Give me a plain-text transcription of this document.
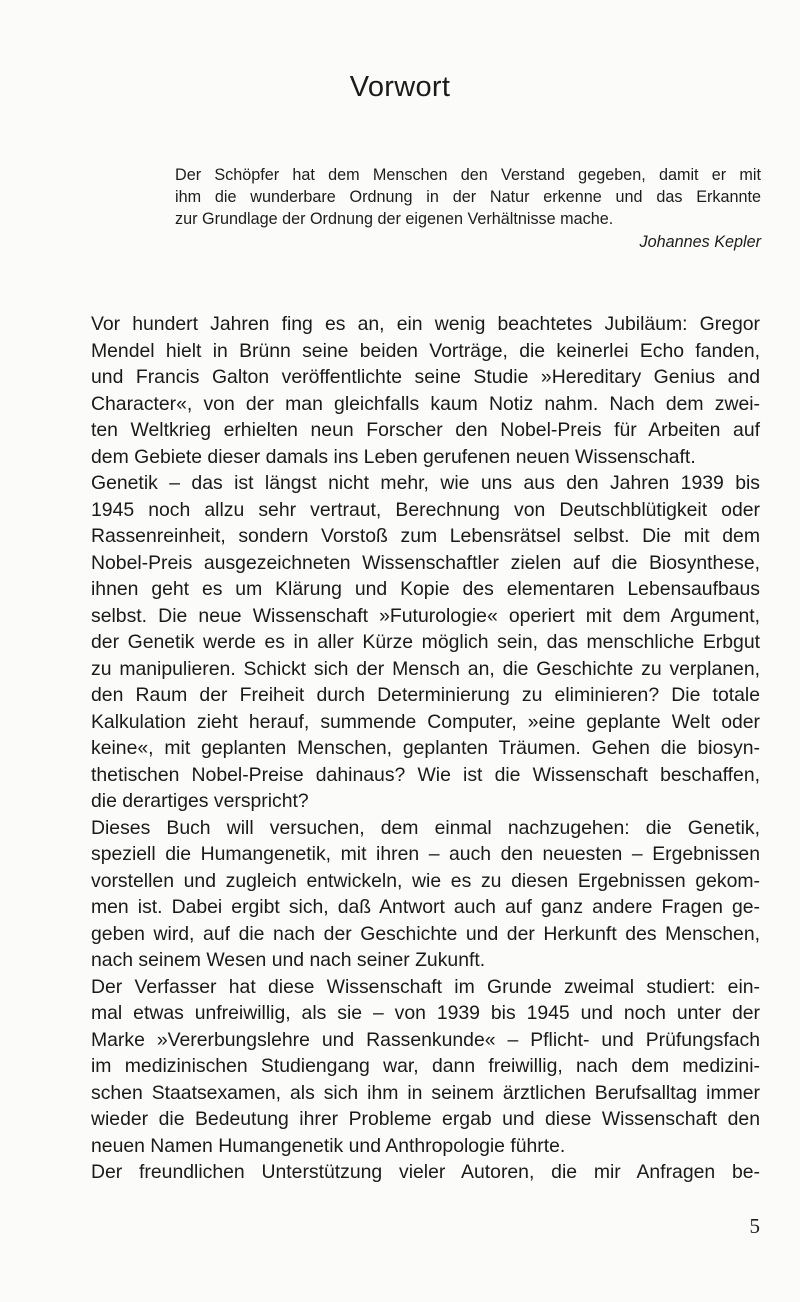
Vorwort
Der Schöpfer hat dem Menschen den Verstand gegeben, damit er mit
ihm die wunderbare Ordnung in der Natur erkenne und das Erkannte
zur Grundlage der Ordnung der eigenen Verhältnisse mache.
Johannes Kepler
Vor hundert Jahren fing es an, ein wenig beachtetes Jubiläum: Gregor
Mendel hielt in Brünn seine beiden Vorträge, die keinerlei Echo fanden,
und Francis Galton veröffentlichte seine Studie »Hereditary Genius and
Character«, von der man gleichfalls kaum Notiz nahm. Nach dem zwei-
ten Weltkrieg erhielten neun Forscher den Nobel-Preis für Arbeiten auf
dem Gebiete dieser damals ins Leben gerufenen neuen Wissenschaft.
Genetik – das ist längst nicht mehr, wie uns aus den Jahren 1939 bis
1945 noch allzu sehr vertraut, Berechnung von Deutschblütigkeit oder
Rassenreinheit, sondern Vorstoß zum Lebensrätsel selbst. Die mit dem
Nobel-Preis ausgezeichneten Wissenschaftler zielen auf die Biosynthese,
ihnen geht es um Klärung und Kopie des elementaren Lebensaufbaus
selbst. Die neue Wissenschaft »Futurologie« operiert mit dem Argument,
der Genetik werde es in aller Kürze möglich sein, das menschliche Erbgut
zu manipulieren. Schickt sich der Mensch an, die Geschichte zu verplanen,
den Raum der Freiheit durch Determinierung zu eliminieren? Die totale
Kalkulation zieht herauf, summende Computer, »eine geplante Welt oder
keine«, mit geplanten Menschen, geplanten Träumen. Gehen die biosyn-
thetischen Nobel-Preise dahinaus? Wie ist die Wissenschaft beschaffen,
die derartiges verspricht?
Dieses Buch will versuchen, dem einmal nachzugehen: die Genetik,
speziell die Humangenetik, mit ihren – auch den neuesten – Ergebnissen
vorstellen und zugleich entwickeln, wie es zu diesen Ergebnissen gekom-
men ist. Dabei ergibt sich, daß Antwort auch auf ganz andere Fragen ge-
geben wird, auf die nach der Geschichte und der Herkunft des Menschen,
nach seinem Wesen und nach seiner Zukunft.
Der Verfasser hat diese Wissenschaft im Grunde zweimal studiert: ein-
mal etwas unfreiwillig, als sie – von 1939 bis 1945 und noch unter der
Marke »Vererbungslehre und Rassenkunde« – Pflicht- und Prüfungsfach
im medizinischen Studiengang war, dann freiwillig, nach dem medizini-
schen Staatsexamen, als sich ihm in seinem ärztlichen Berufsalltag immer
wieder die Bedeutung ihrer Probleme ergab und diese Wissenschaft den
neuen Namen Humangenetik und Anthropologie führte.
Der freundlichen Unterstützung vieler Autoren, die mir Anfragen be-
5
